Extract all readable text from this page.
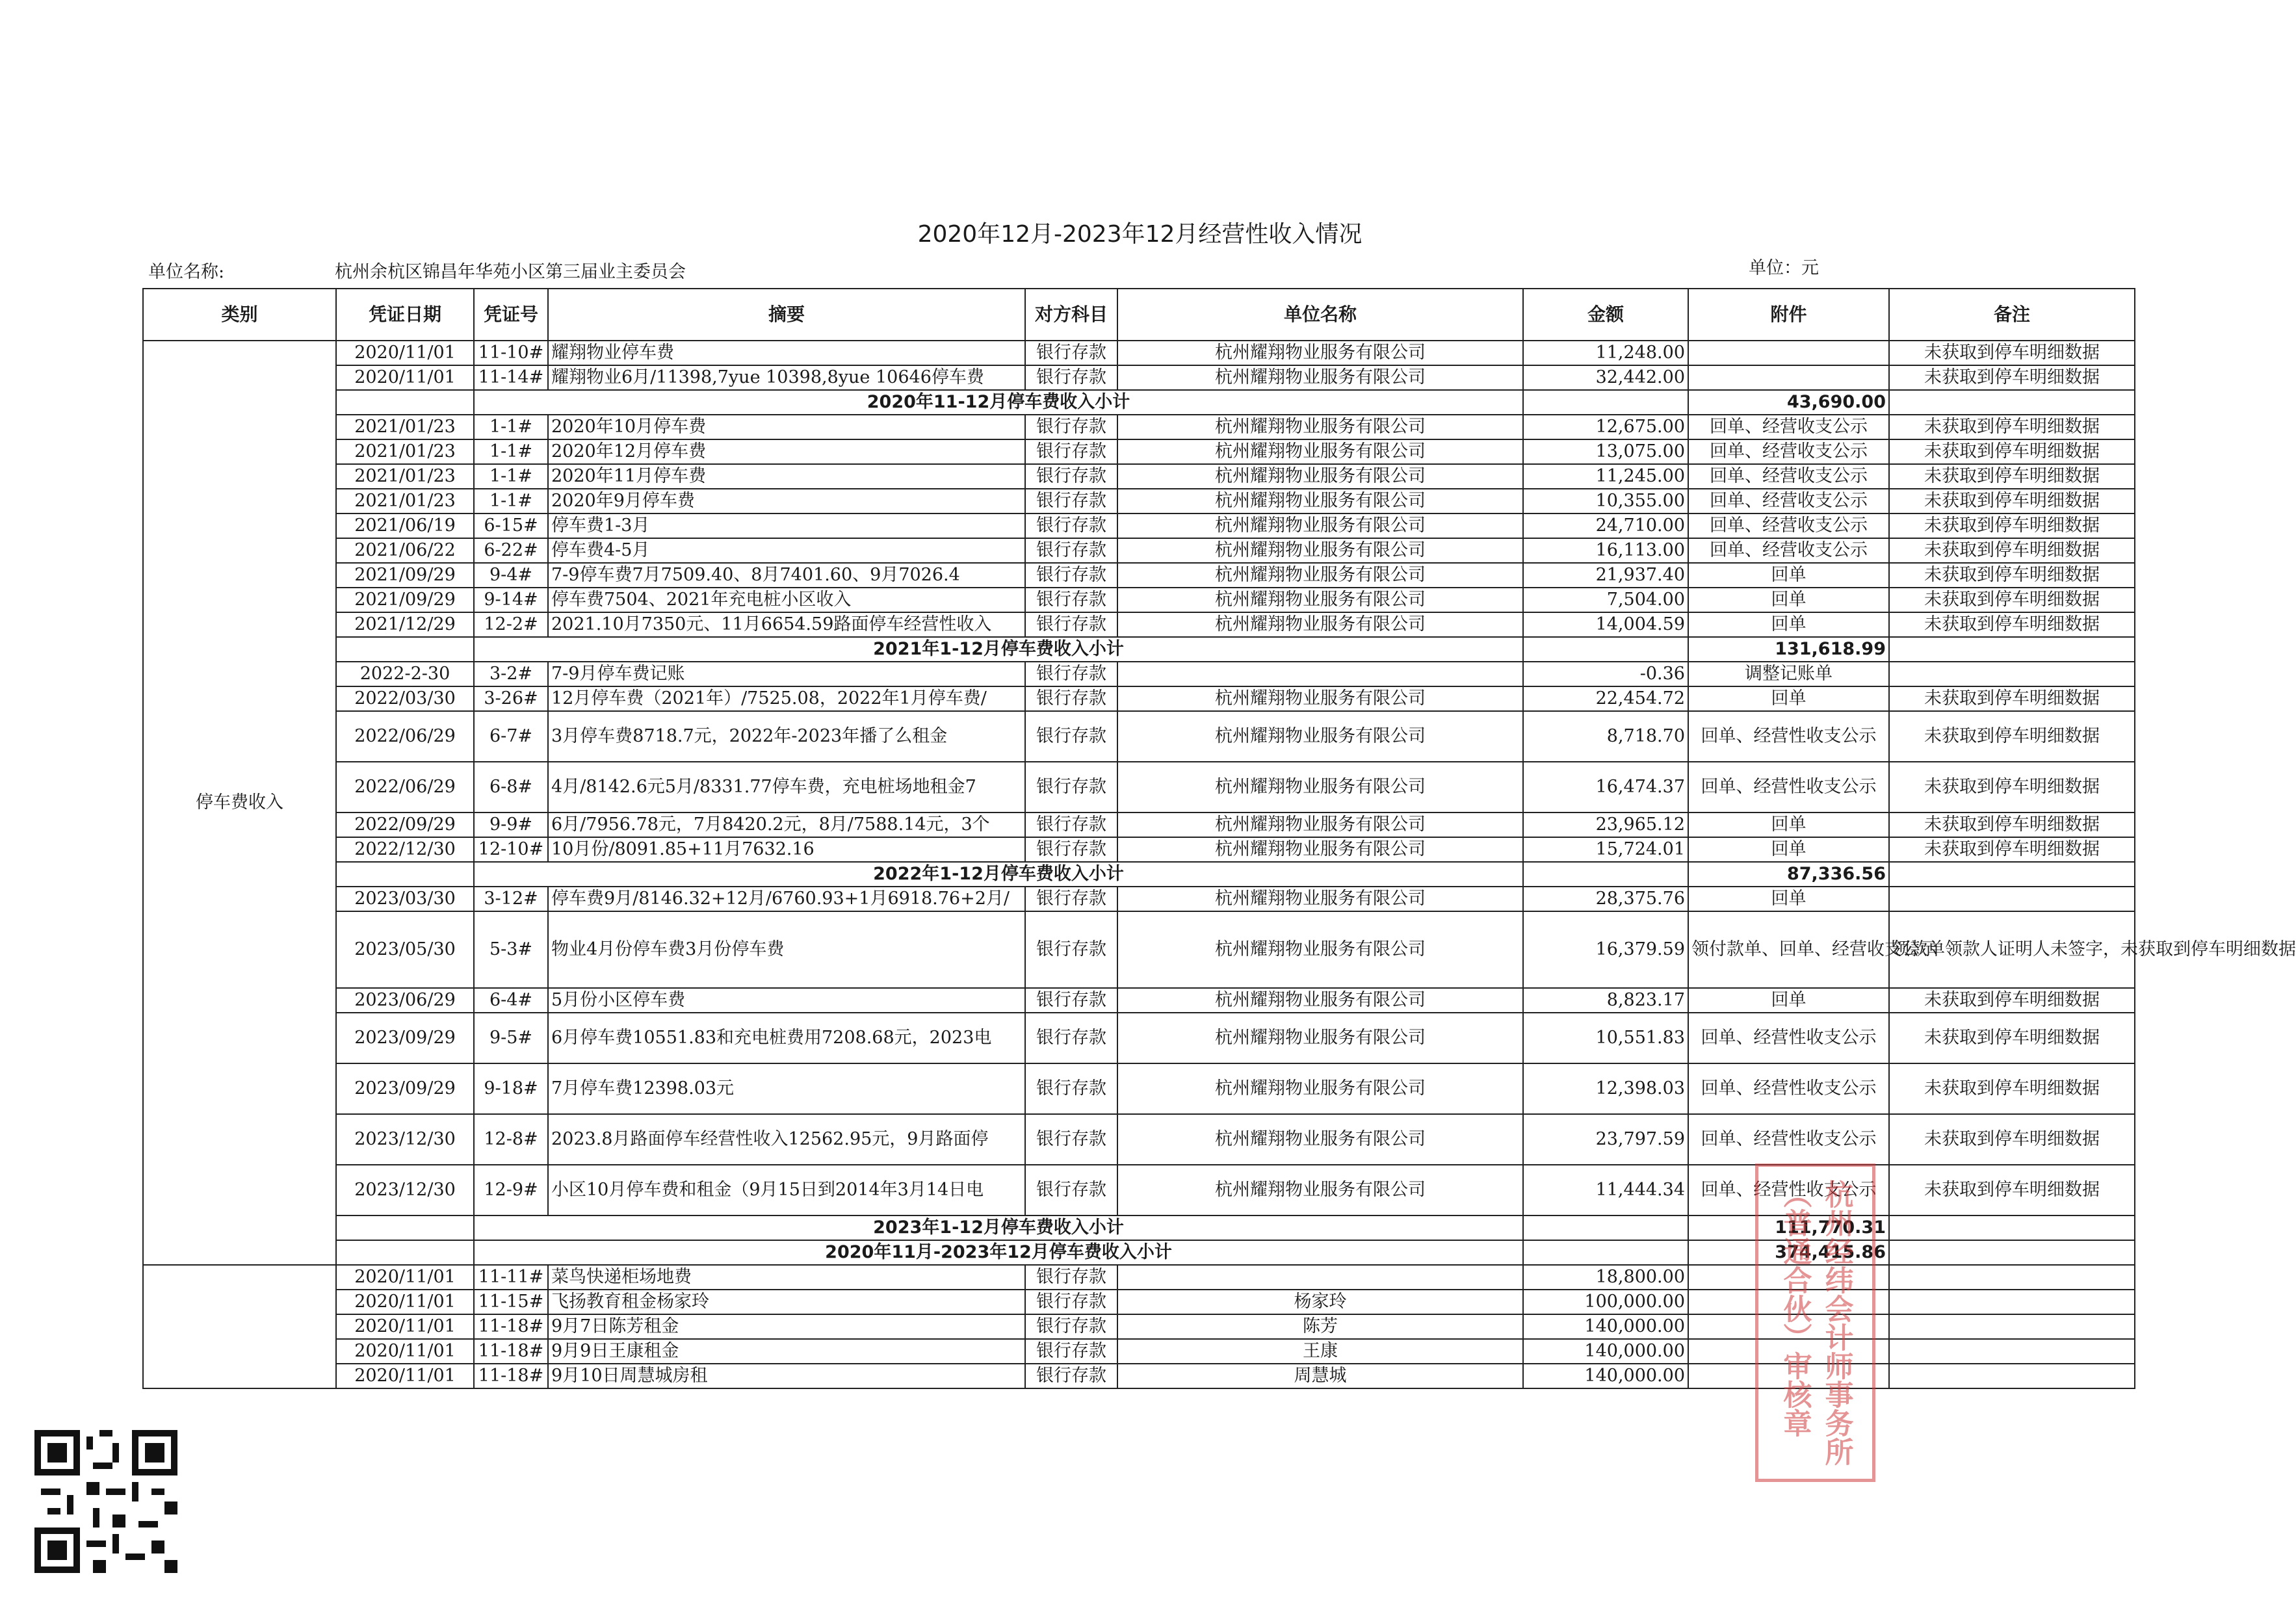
2020年12月-2023年12月经营性收入情况
单位名称:	杭州余杭区锦昌年华苑小区第三届业主委员会	单位：元
类别	凭证日期	凭证号	摘要	对方科目	单位名称	金额	附件	备注	
停车费收入	2020/11/01	11-10#	耀翔物业停车费	银行存款	杭州耀翔物业服务有限公司	11,248.00		未获取到停车明细数据	
	2020/11/01	11-14#	耀翔物业6月/11398,7yue 10398,8yue 10646停车费	银行存款	杭州耀翔物业服务有限公司	32,442.00		未获取到停车明细数据	
		2020年11-12月停车费收入小计					43,690.00		
	2021/01/23	1-1#	2020年10月停车费	银行存款	杭州耀翔物业服务有限公司	12,675.00	回单、经营收支公示	未获取到停车明细数据	
	2021/01/23	1-1#	2020年12月停车费	银行存款	杭州耀翔物业服务有限公司	13,075.00	回单、经营收支公示	未获取到停车明细数据	
	2021/01/23	1-1#	2020年11月停车费	银行存款	杭州耀翔物业服务有限公司	11,245.00	回单、经营收支公示	未获取到停车明细数据	
	2021/01/23	1-1#	2020年9月停车费	银行存款	杭州耀翔物业服务有限公司	10,355.00	回单、经营收支公示	未获取到停车明细数据	
	2021/06/19	6-15#	停车费1-3月	银行存款	杭州耀翔物业服务有限公司	24,710.00	回单、经营收支公示	未获取到停车明细数据	
	2021/06/22	6-22#	停车费4-5月	银行存款	杭州耀翔物业服务有限公司	16,113.00	回单、经营收支公示	未获取到停车明细数据	
	2021/09/29	9-4#	7-9停车费7月7509.40、8月7401.60、9月7026.4	银行存款	杭州耀翔物业服务有限公司	21,937.40	回单	未获取到停车明细数据	
	2021/09/29	9-14#	停车费7504、2021年充电桩小区收入	银行存款	杭州耀翔物业服务有限公司	7,504.00	回单	未获取到停车明细数据	
	2021/12/29	12-2#	2021.10月7350元、11月6654.59路面停车经营性收入	银行存款	杭州耀翔物业服务有限公司	14,004.59	回单	未获取到停车明细数据	
		2021年1-12月停车费收入小计					131,618.99		
	2022-2-30	3-2#	7-9月停车费记账	银行存款		-0.36	调整记账单		
	2022/03/30	3-26#	12月停车费（2021年）/7525.08，2022年1月停车费/	银行存款	杭州耀翔物业服务有限公司	22,454.72	回单	未获取到停车明细数据	
	2022/06/29	6-7#	3月停车费8718.7元，2022年-2023年播了么租金	银行存款	杭州耀翔物业服务有限公司	8,718.70	回单、经营性收支公示	未获取到停车明细数据	
	2022/06/29	6-8#	4月/8142.6元5月/8331.77停车费，充电桩场地租金7	银行存款	杭州耀翔物业服务有限公司	16,474.37	回单、经营性收支公示	未获取到停车明细数据	
	2022/09/29	9-9#	6月/7956.78元，7月8420.2元，8月/7588.14元，3个	银行存款	杭州耀翔物业服务有限公司	23,965.12	回单	未获取到停车明细数据	
	2022/12/30	12-10#	10月份/8091.85+11月7632.16	银行存款	杭州耀翔物业服务有限公司	15,724.01	回单	未获取到停车明细数据	
		2022年1-12月停车费收入小计					87,336.56		
	2023/03/30	3-12#	停车费9月/8146.32+12月/6760.93+1月6918.76+2月/	银行存款	杭州耀翔物业服务有限公司	28,375.76	回单		
	2023/05/30	5-3#	物业4月份停车费3月份停车费	银行存款	杭州耀翔物业服务有限公司	16,379.59	领付款单、回单、经营收支公示	领款单领款人证明人未签字，未获取到停车明细数据	
	2023/06/29	6-4#	5月份小区停车费	银行存款	杭州耀翔物业服务有限公司	8,823.17	回单	未获取到停车明细数据	
	2023/09/29	9-5#	6月停车费10551.83和充电桩费用7208.68元，2023电	银行存款	杭州耀翔物业服务有限公司	10,551.83	回单、经营性收支公示	未获取到停车明细数据	
	2023/09/29	9-18#	7月停车费12398.03元	银行存款	杭州耀翔物业服务有限公司	12,398.03	回单、经营性收支公示	未获取到停车明细数据	
	2023/12/30	12-8#	2023.8月路面停车经营性收入12562.95元，9月路面停	银行存款	杭州耀翔物业服务有限公司	23,797.59	回单、经营性收支公示	未获取到停车明细数据	
	2023/12/30	12-9#	小区10月停车费和租金（9月15日到2014年3月14日电	银行存款	杭州耀翔物业服务有限公司	11,444.34	回单、经营性收支公示	未获取到停车明细数据	
		2023年1-12月停车费收入小计					111,770.31		
		2020年11月-2023年12月停车费收入小计					374,415.86		
	2020/11/01	11-11#	菜鸟快递柜场地费	银行存款		18,800.00			
	2020/11/01	11-15#	飞扬教育租金杨家玲	银行存款	杨家玲	100,000.00			
	2020/11/01	11-18#	9月7日陈芳租金	银行存款	陈芳	140,000.00			
	2020/11/01	11-18#	9月9日王康租金	银行存款	王康	140,000.00			
	2020/11/01	11-18#	9月10日周慧城房租	银行存款	周慧城	140,000.00				杭州经纬会计师事务所（普通合伙）审核章
